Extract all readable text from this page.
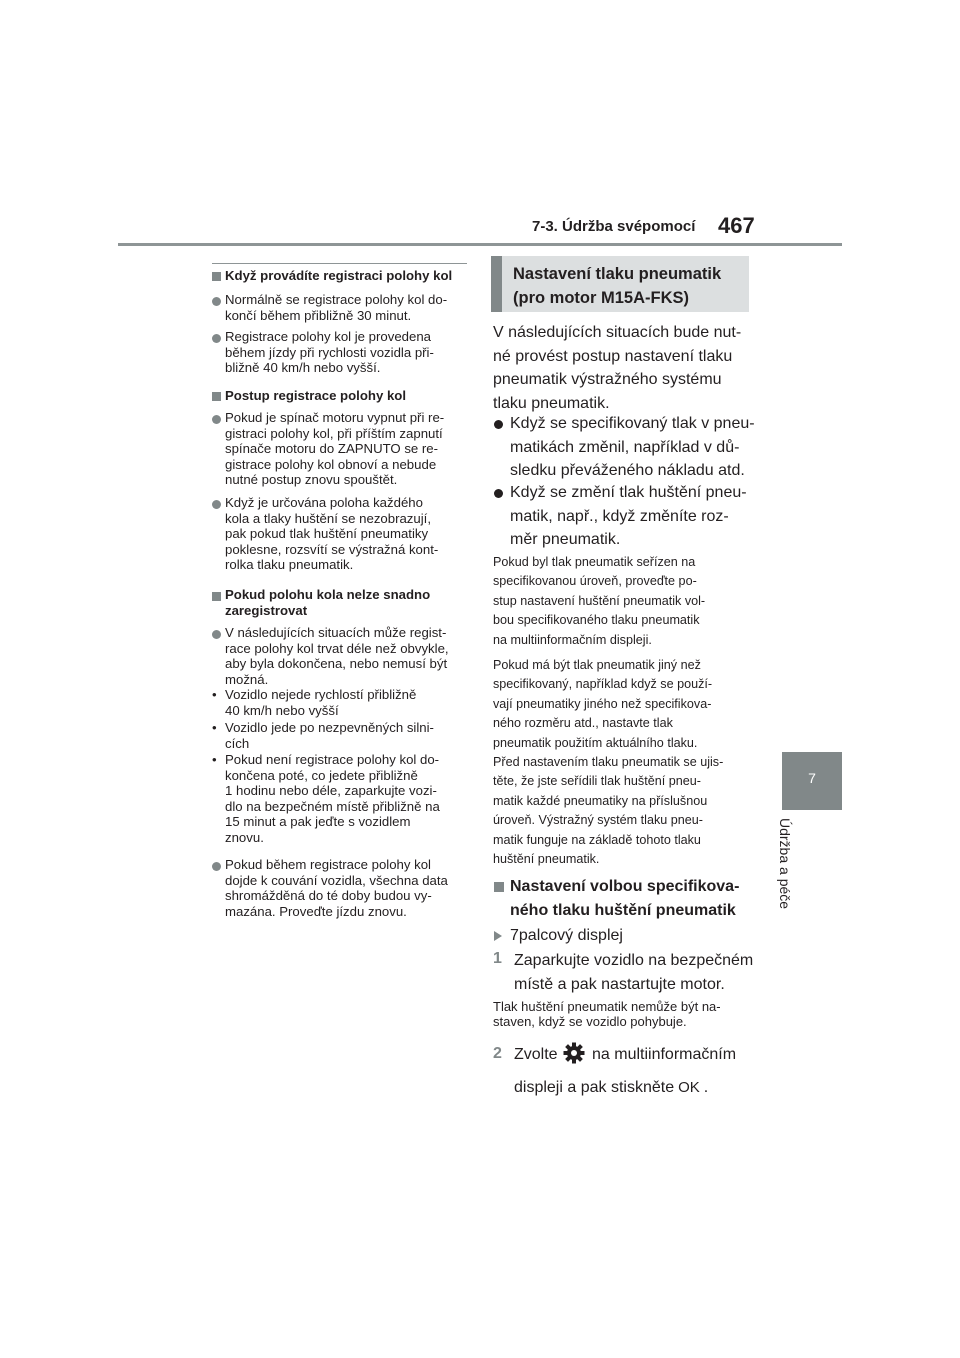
7-3. Údržba svépomocí 467
7
Údržba a péče
Když provádíte registraci polohy kol
Normálně se registrace polohy kol do-
končí během přibližně 30 minut.
Registrace polohy kol je provedena
během jízdy při rychlosti vozidla při-
bližně 40 km/h nebo vyšší.
Postup registrace polohy kol
Pokud je spínač motoru vypnut při re-
gistraci polohy kol, při příštím zapnutí
spínače motoru do ZAPNUTO se re-
gistrace polohy kol obnoví a nebude
nutné postup znovu spouštět.
Když je určována poloha každého
kola a tlaky huštění se nezobrazují,
pak pokud tlak huštění pneumatiky
poklesne, rozsvítí se výstražná kont-
rolka tlaku pneumatik.
Pokud polohu kola nelze snadno
zaregistrovat
V následujících situacích může regist-
race polohy kol trvat déle než obvykle,
aby byla dokončena, nebo nemusí být
možná.
• Vozidlo nejede rychlostí přibližně
40 km/h nebo vyšší
• Vozidlo jede po nezpevněných silni-
cích
• Pokud není registrace polohy kol do-
končena poté, co jedete přibližně
1 hodinu nebo déle, zaparkujte vozi-
dlo na bezpečném místě přibližně na
15 minut a pak jeďte s vozidlem
znovu.
Pokud během registrace polohy kol
dojde k couvání vozidla, všechna data
shromážděná do té doby budou vy-
mazána. Proveďte jízdu znovu.
Nastavení tlaku pneumatik
(pro motor M15A-FKS)
V následujících situacích bude nut-
né provést postup nastavení tlaku
pneumatik výstražného systému
tlaku pneumatik.
Když se specifikovaný tlak v pneu-
matikách změnil, například v dů-
sledku převáženého nákladu atd.
Když se změní tlak huštění pneu-
matik, např., když změníte roz-
měr pneumatik.
Pokud byl tlak pneumatik seřízen na
specifikovanou úroveň, proveďte po-
stup nastavení huštění pneumatik vol-
bou specifikovaného tlaku pneumatik
na multiinformačním displeji.
Pokud má být tlak pneumatik jiný než
specifikovaný, například když se použí-
vají pneumatiky jiného než specifikova-
ného rozměru atd., nastavte tlak
pneumatik použitím aktuálního tlaku.
Před nastavením tlaku pneumatik se ujis-
těte, že jste seřídili tlak huštění pneu-
matik každé pneumatiky na příslušnou
úroveň. Výstražný systém tlaku pneu-
matik funguje na základě tohoto tlaku
huštění pneumatik.
Nastavení volbou specifikova-
ného tlaku huštění pneumatik
7palcový displej
1 Zaparkujte vozidlo na bezpečném
místě a pak nastartujte motor.
Tlak huštění pneumatik nemůže být na-
staven, když se vozidlo pohybuje.
2 Zvolte na multiinformačním
displeji a pak stiskněte OK .
